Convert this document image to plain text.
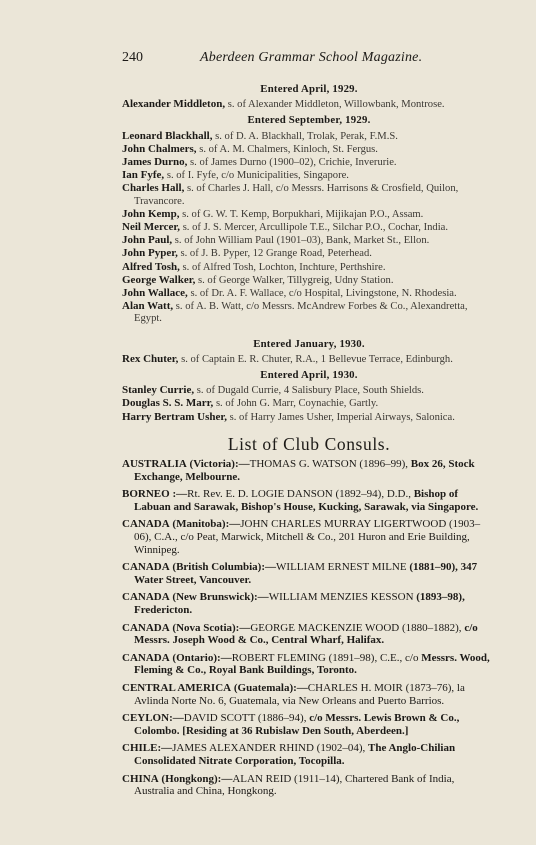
240	Aberdeen Grammar School Magazine.
Entered April, 1929.
Alexander Middleton, s. of Alexander Middleton, Willowbank, Montrose.
Entered September, 1929.
Leonard Blackhall, s. of D. A. Blackhall, Trolak, Perak, F.M.S.
John Chalmers, s. of A. M. Chalmers, Kinloch, St. Fergus.
James Durno, s. of James Durno (1900–02), Crichie, Inverurie.
Ian Fyfe, s. of I. Fyfe, c/o Municipalities, Singapore.
Charles Hall, s. of Charles J. Hall, c/o Messrs. Harrisons & Crosfield, Quilon, Travancore.
John Kemp, s. of G. W. T. Kemp, Borpukhari, Mijikajan P.O., Assam.
Neil Mercer, s. of J. S. Mercer, Arcullipole T.E., Silchar P.O., Cochar, India.
John Paul, s. of John William Paul (1901–03), Bank, Market St., Ellon.
John Pyper, s. of J. B. Pyper, 12 Grange Road, Peterhead.
Alfred Tosh, s. of Alfred Tosh, Lochton, Inchture, Perthshire.
George Walker, s. of George Walker, Tillygreig, Udny Station.
John Wallace, s. of Dr. A. F. Wallace, c/o Hospital, Livingstone, N. Rhodesia.
Alan Watt, s. of A. B. Watt, c/o Messrs. McAndrew Forbes & Co., Alexandretta, Egypt.
Entered January, 1930.
Rex Chuter, s. of Captain E. R. Chuter, R.A., 1 Bellevue Terrace, Edinburgh.
Entered April, 1930.
Stanley Currie, s. of Dugald Currie, 4 Salisbury Place, South Shields.
Douglas S. S. Marr, s. of John G. Marr, Coynachie, Gartly.
Harry Bertram Usher, s. of Harry James Usher, Imperial Airways, Salonica.
List of Club Consuls.
AUSTRALIA (Victoria):—THOMAS G. WATSON (1896–99), Box 26, Stock Exchange, Melbourne.
BORNEO :—Rt. Rev. E. D. LOGIE DANSON (1892–94), D.D., Bishop of Labuan and Sarawak, Bishop's House, Kucking, Sarawak, via Singapore.
CANADA (Manitoba):—JOHN CHARLES MURRAY LIGERTWOOD (1903–06), C.A., c/o Peat, Marwick, Mitchell & Co., 201 Huron and Erie Building, Winnipeg.
CANADA (British Columbia):—WILLIAM ERNEST MILNE (1881–90), 347 Water Street, Vancouver.
CANADA (New Brunswick):—WILLIAM MENZIES KESSON (1893–98), Fredericton.
CANADA (Nova Scotia):—GEORGE MACKENZIE WOOD (1880–1882), c/o Messrs. Joseph Wood & Co., Central Wharf, Halifax.
CANADA (Ontario):—ROBERT FLEMING (1891–98), C.E., c/o Messrs. Wood, Fleming & Co., Royal Bank Buildings, Toronto.
CENTRAL AMERICA (Guatemala):—CHARLES H. MOIR (1873–76), la Avlinda Norte No. 6, Guatemala, via New Orleans and Puerto Barrios.
CEYLON:—DAVID SCOTT (1886–94), c/o Messrs. Lewis Brown & Co., Colombo. [Residing at 36 Rubislaw Den South, Aberdeen.]
CHILE:—JAMES ALEXANDER RHIND (1902–04), The Anglo-Chilian Consolidated Nitrate Corporation, Tocopilla.
CHINA (Hongkong):—ALAN REID (1911–14), Chartered Bank of India, Australia and China, Hongkong.
